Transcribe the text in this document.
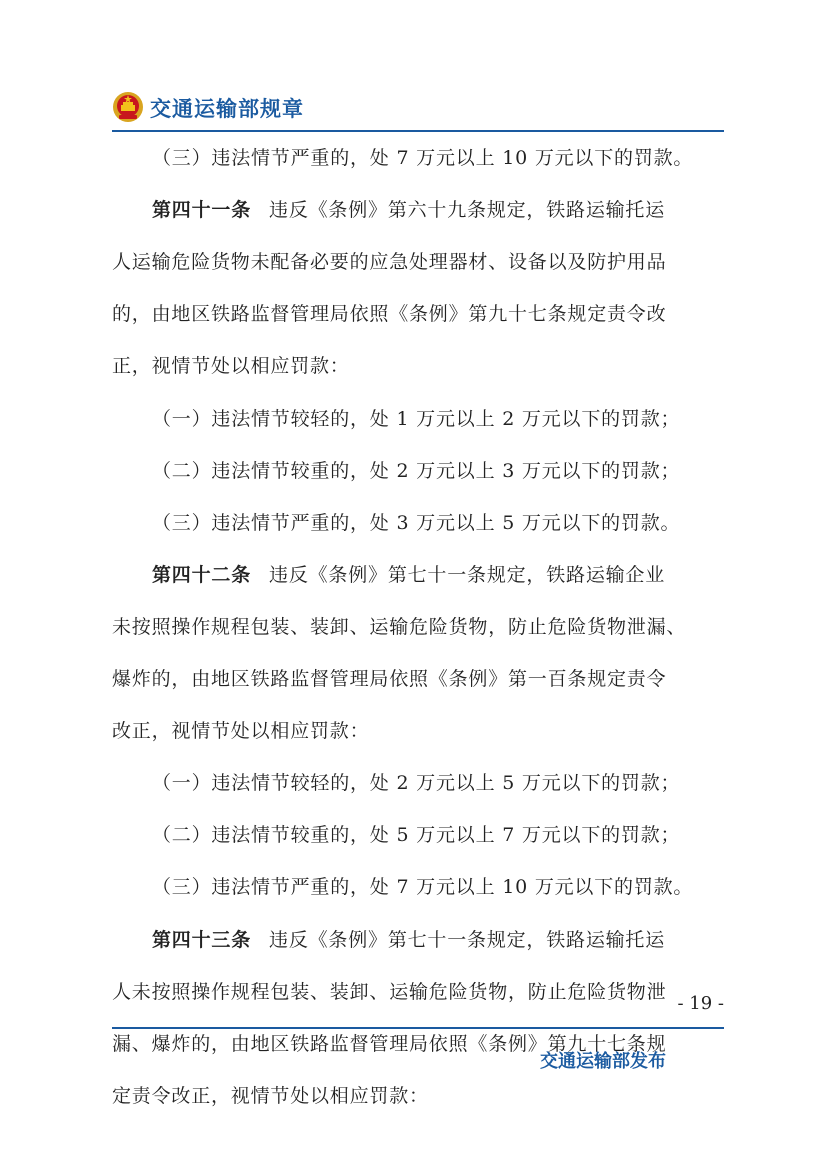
交通运输部规章
（三）违法情节严重的，处 7 万元以上 10 万元以下的罚款。
第四十一条 违反《条例》第六十九条规定，铁路运输托运
人运输危险货物未配备必要的应急处理器材、设备以及防护用品
的，由地区铁路监督管理局依照《条例》第九十七条规定责令改
正，视情节处以相应罚款：
（一）违法情节较轻的，处 1 万元以上 2 万元以下的罚款；
（二）违法情节较重的，处 2 万元以上 3 万元以下的罚款；
（三）违法情节严重的，处 3 万元以上 5 万元以下的罚款。
第四十二条 违反《条例》第七十一条规定，铁路运输企业
未按照操作规程包装、装卸、运输危险货物，防止危险货物泄漏、
爆炸的，由地区铁路监督管理局依照《条例》第一百条规定责令
改正，视情节处以相应罚款：
（一）违法情节较轻的，处 2 万元以上 5 万元以下的罚款；
（二）违法情节较重的，处 5 万元以上 7 万元以下的罚款；
（三）违法情节严重的，处 7 万元以上 10 万元以下的罚款。
第四十三条 违反《条例》第七十一条规定，铁路运输托运
人未按照操作规程包装、装卸、运输危险货物，防止危险货物泄
漏、爆炸的，由地区铁路监督管理局依照《条例》第九十七条规
定责令改正，视情节处以相应罚款：
- 19 -
交通运输部发布
